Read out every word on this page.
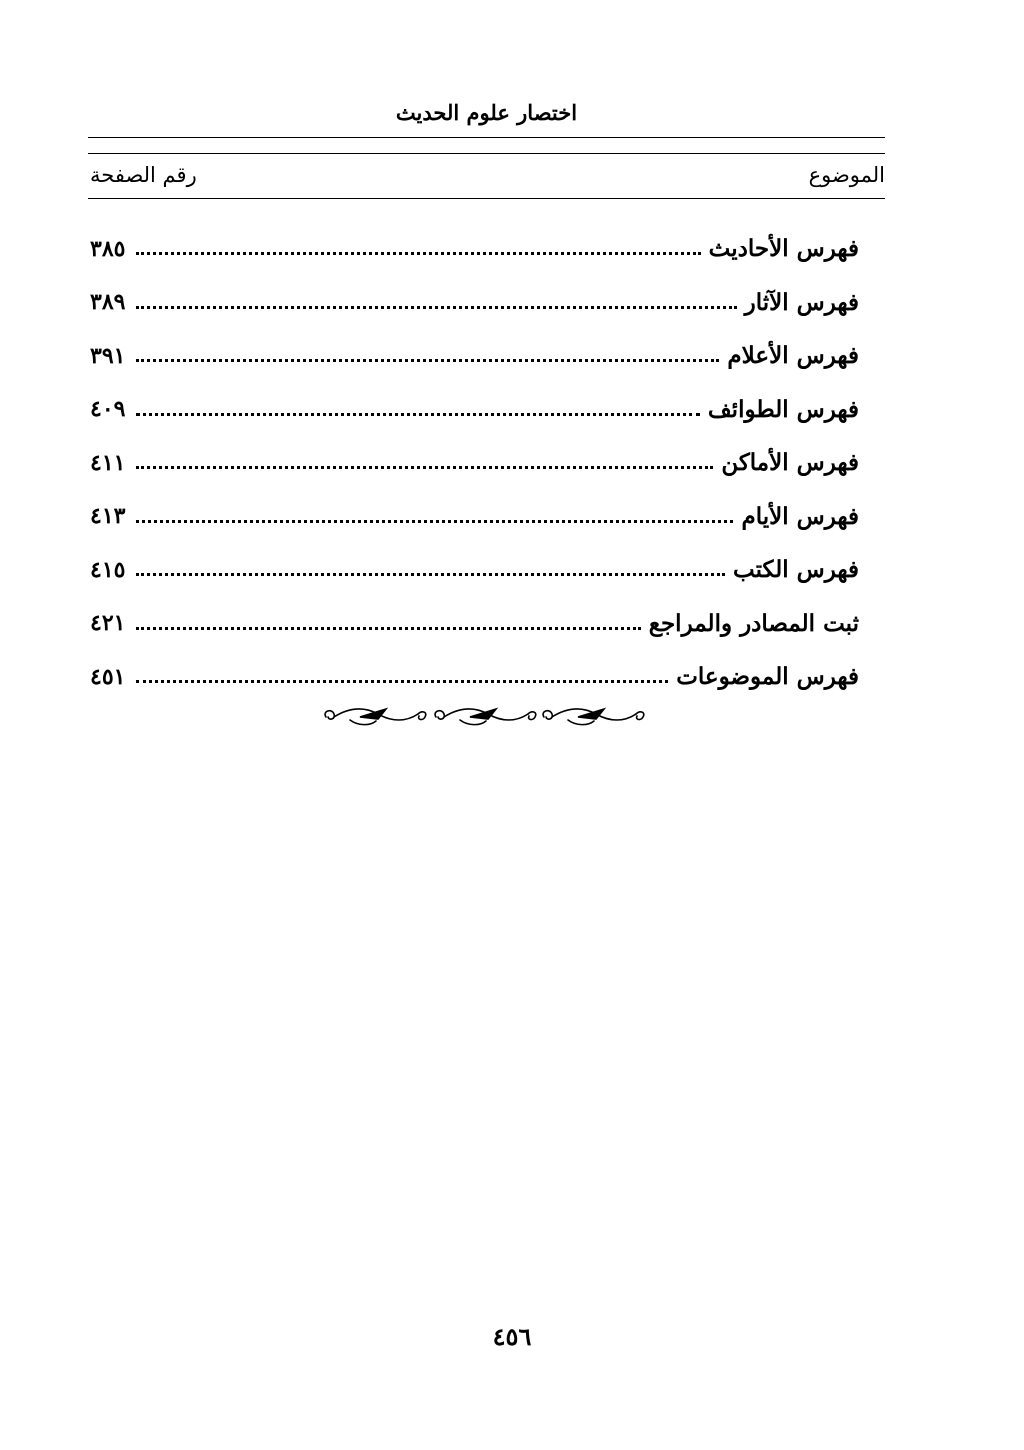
اختصار علوم الحديث
الموضوع
رقم الصفحة
فهرس الأحاديث
٣٨٥
فهرس الآثار
٣٨٩
فهرس الأعلام
٣٩١
فهرس الطوائف
٤٠٩
فهرس الأماكن
٤١١
فهرس الأيام
٤١٣
فهرس الكتب
٤١٥
ثبت المصادر والمراجع
٤٢١
فهرس الموضوعات
٤٥١
٤٥٦
